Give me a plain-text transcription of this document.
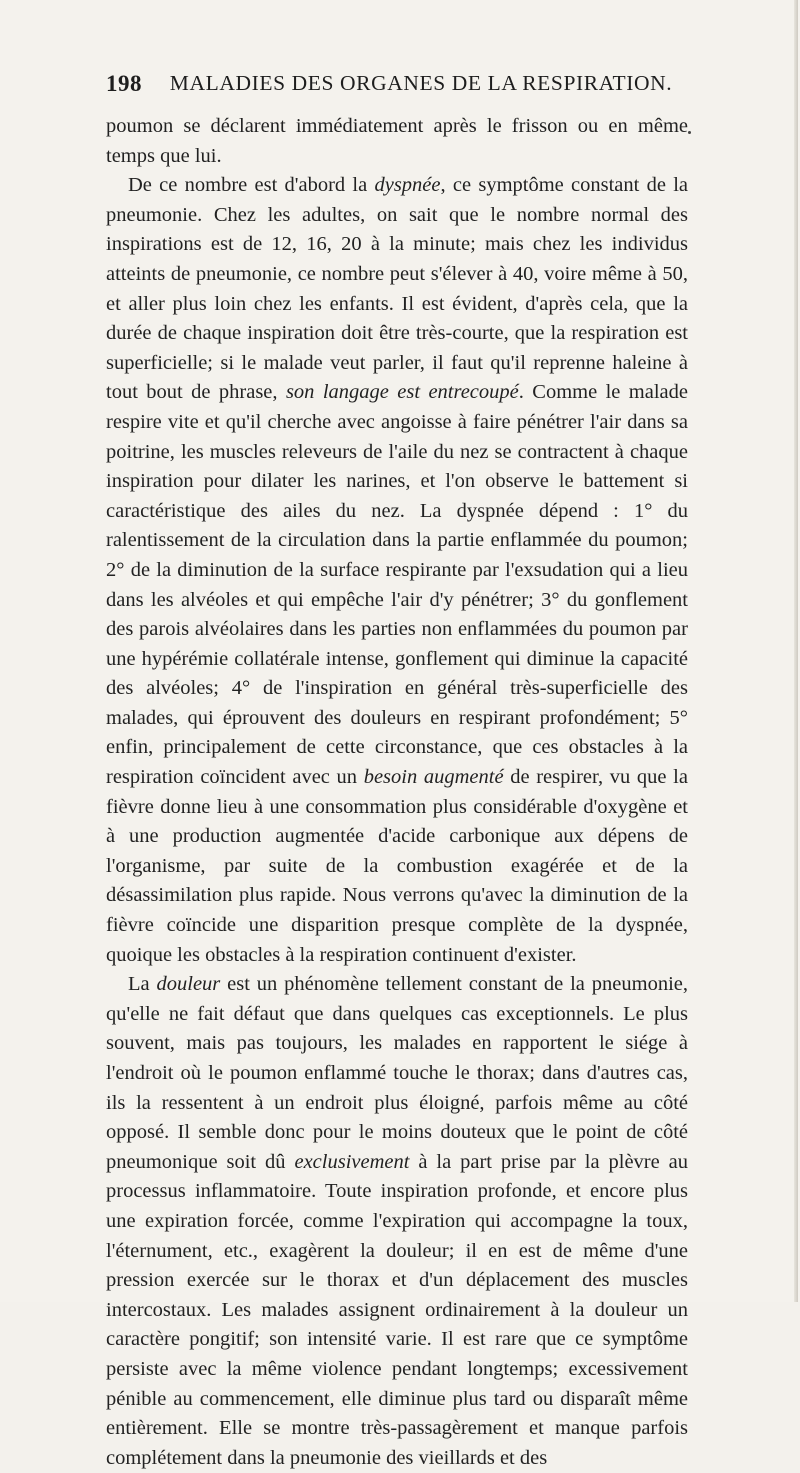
198	MALADIES DES ORGANES DE LA RESPIRATION.

poumon se déclarent immédiatement après le frisson ou en même temps que lui.

De ce nombre est d'abord la dyspnée, ce symptôme constant de la pneumonie. Chez les adultes, on sait que le nombre normal des inspirations est de 12, 16, 20 à la minute; mais chez les individus atteints de pneumonie, ce nombre peut s'élever à 40, voire même à 50, et aller plus loin chez les enfants. Il est évident, d'après cela, que la durée de chaque inspiration doit être très-courte, que la respiration est superficielle; si le malade veut parler, il faut qu'il reprenne haleine à tout bout de phrase, son langage est entrecoupé. Comme le malade respire vite et qu'il cherche avec angoisse à faire pénétrer l'air dans sa poitrine, les muscles releveurs de l'aile du nez se contractent à chaque inspiration pour dilater les narines, et l'on observe le battement si caractéristique des ailes du nez. La dyspnée dépend : 1° du ralentissement de la circulation dans la partie enflammée du poumon; 2° de la diminution de la surface respirante par l'exsudation qui a lieu dans les alvéoles et qui empêche l'air d'y pénétrer; 3° du gonflement des parois alvéolaires dans les parties non enflammées du poumon par une hypérémie collatérale intense, gonflement qui diminue la capacité des alvéoles; 4° de l'inspiration en général très-superficielle des malades, qui éprouvent des douleurs en respirant profondément; 5° enfin, principalement de cette circonstance, que ces obstacles à la respiration coïncident avec un besoin augmenté de respirer, vu que la fièvre donne lieu à une consommation plus considérable d'oxygène et à une production augmentée d'acide carbonique aux dépens de l'organisme, par suite de la combustion exagérée et de la désassimilation plus rapide. Nous verrons qu'avec la diminution de la fièvre coïncide une disparition presque complète de la dyspnée, quoique les obstacles à la respiration continuent d'exister.

La douleur est un phénomène tellement constant de la pneumonie, qu'elle ne fait défaut que dans quelques cas exceptionnels. Le plus souvent, mais pas toujours, les malades en rapportent le siége à l'endroit où le poumon enflammé touche le thorax; dans d'autres cas, ils la ressentent à un endroit plus éloigné, parfois même au côté opposé. Il semble donc pour le moins douteux que le point de côté pneumonique soit dû exclusivement à la part prise par la plèvre au processus inflammatoire. Toute inspiration profonde, et encore plus une expiration forcée, comme l'expiration qui accompagne la toux, l'éternument, etc., exagèrent la douleur; il en est de même d'une pression exercée sur le thorax et d'un déplacement des muscles intercostaux. Les malades assignent ordinairement à la douleur un caractère pongitif; son intensité varie. Il est rare que ce symptôme persiste avec la même violence pendant longtemps; excessivement pénible au commencement, elle diminue plus tard ou disparaît même entièrement. Elle se montre très-passagèrement et manque parfois complétement dans la pneumonie des vieillards et des
